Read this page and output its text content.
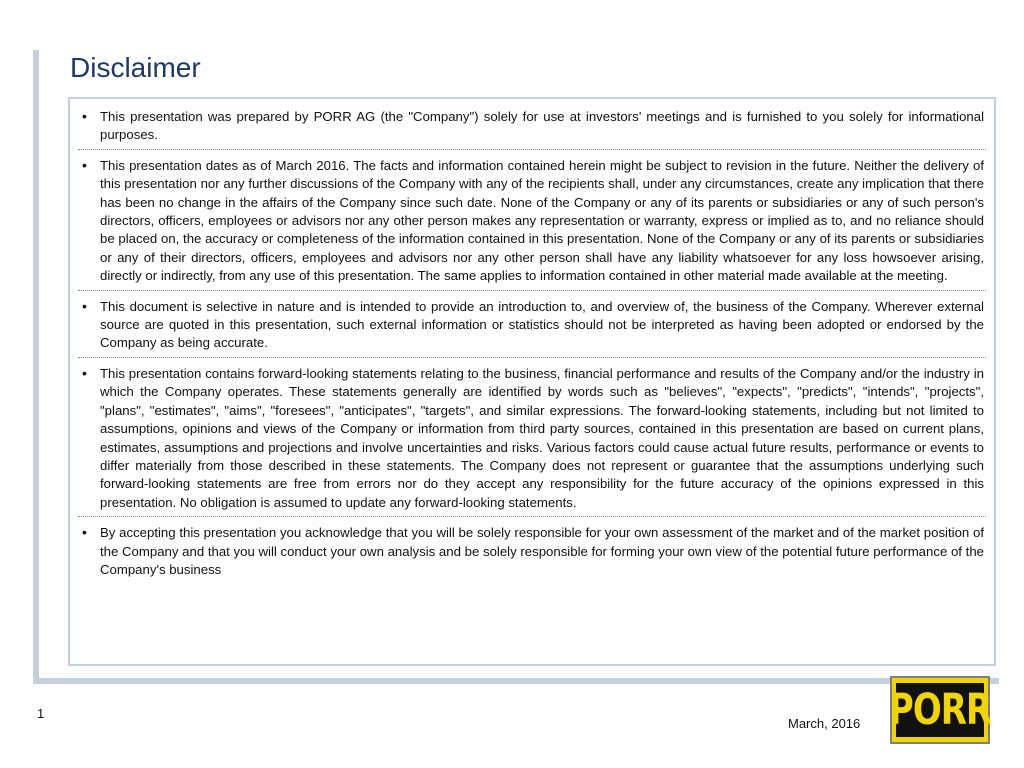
Disclaimer
• This presentation was prepared by PORR AG (the "Company") solely for use at investors’ meetings and is furnished to you solely for informational purposes.
• This presentation dates as of March 2016. The facts and information contained herein might be subject to revision in the future. Neither the delivery of this presentation nor any further discussions of the Company with any of the recipients shall, under any circumstances, create any implication that there has been no change in the affairs of the Company since such date. None of the Company or any of its parents or subsidiaries or any of such person's directors, officers, employees or advisors nor any other person makes any representation or warranty, express or implied as to, and no reliance should be placed on, the accuracy or completeness of the information contained in this presentation. None of the Company or any of its parents or subsidiaries or any of their directors, officers, employees and advisors nor any other person shall have any liability whatsoever for any loss howsoever arising, directly or indirectly, from any use of this presentation. The same applies to information contained in other material made available at the meeting.
• This document is selective in nature and is intended to provide an introduction to, and overview of, the business of the Company. Wherever external source are quoted in this presentation, such external information or statistics should not be interpreted as having been adopted or endorsed by the Company as being accurate.
• This presentation contains forward-looking statements relating to the business, financial performance and results of the Company and/or the industry in which the Company operates. These statements generally are identified by words such as "believes", "expects", "predicts", "intends", "projects", "plans", "estimates", "aims", "foresees", "anticipates", "targets", and similar expressions. The forward-looking statements, including but not limited to assumptions, opinions and views of the Company or information from third party sources, contained in this presentation are based on current plans, estimates, assumptions and projections and involve uncertainties and risks. Various factors could cause actual future results, performance or events to differ materially from those described in these statements. The Company does not represent or guarantee that the assumptions underlying such forward-looking statements are free from errors nor do they accept any responsibility for the future accuracy of the opinions expressed in this presentation. No obligation is assumed to update any forward-looking statements.
• By accepting this presentation you acknowledge that you will be solely responsible for your own assessment of the market and of the market position of the Company and that you will conduct your own analysis and be solely responsible for forming your own view of the potential future performance of the Company's business
1
March, 2016 PORR
